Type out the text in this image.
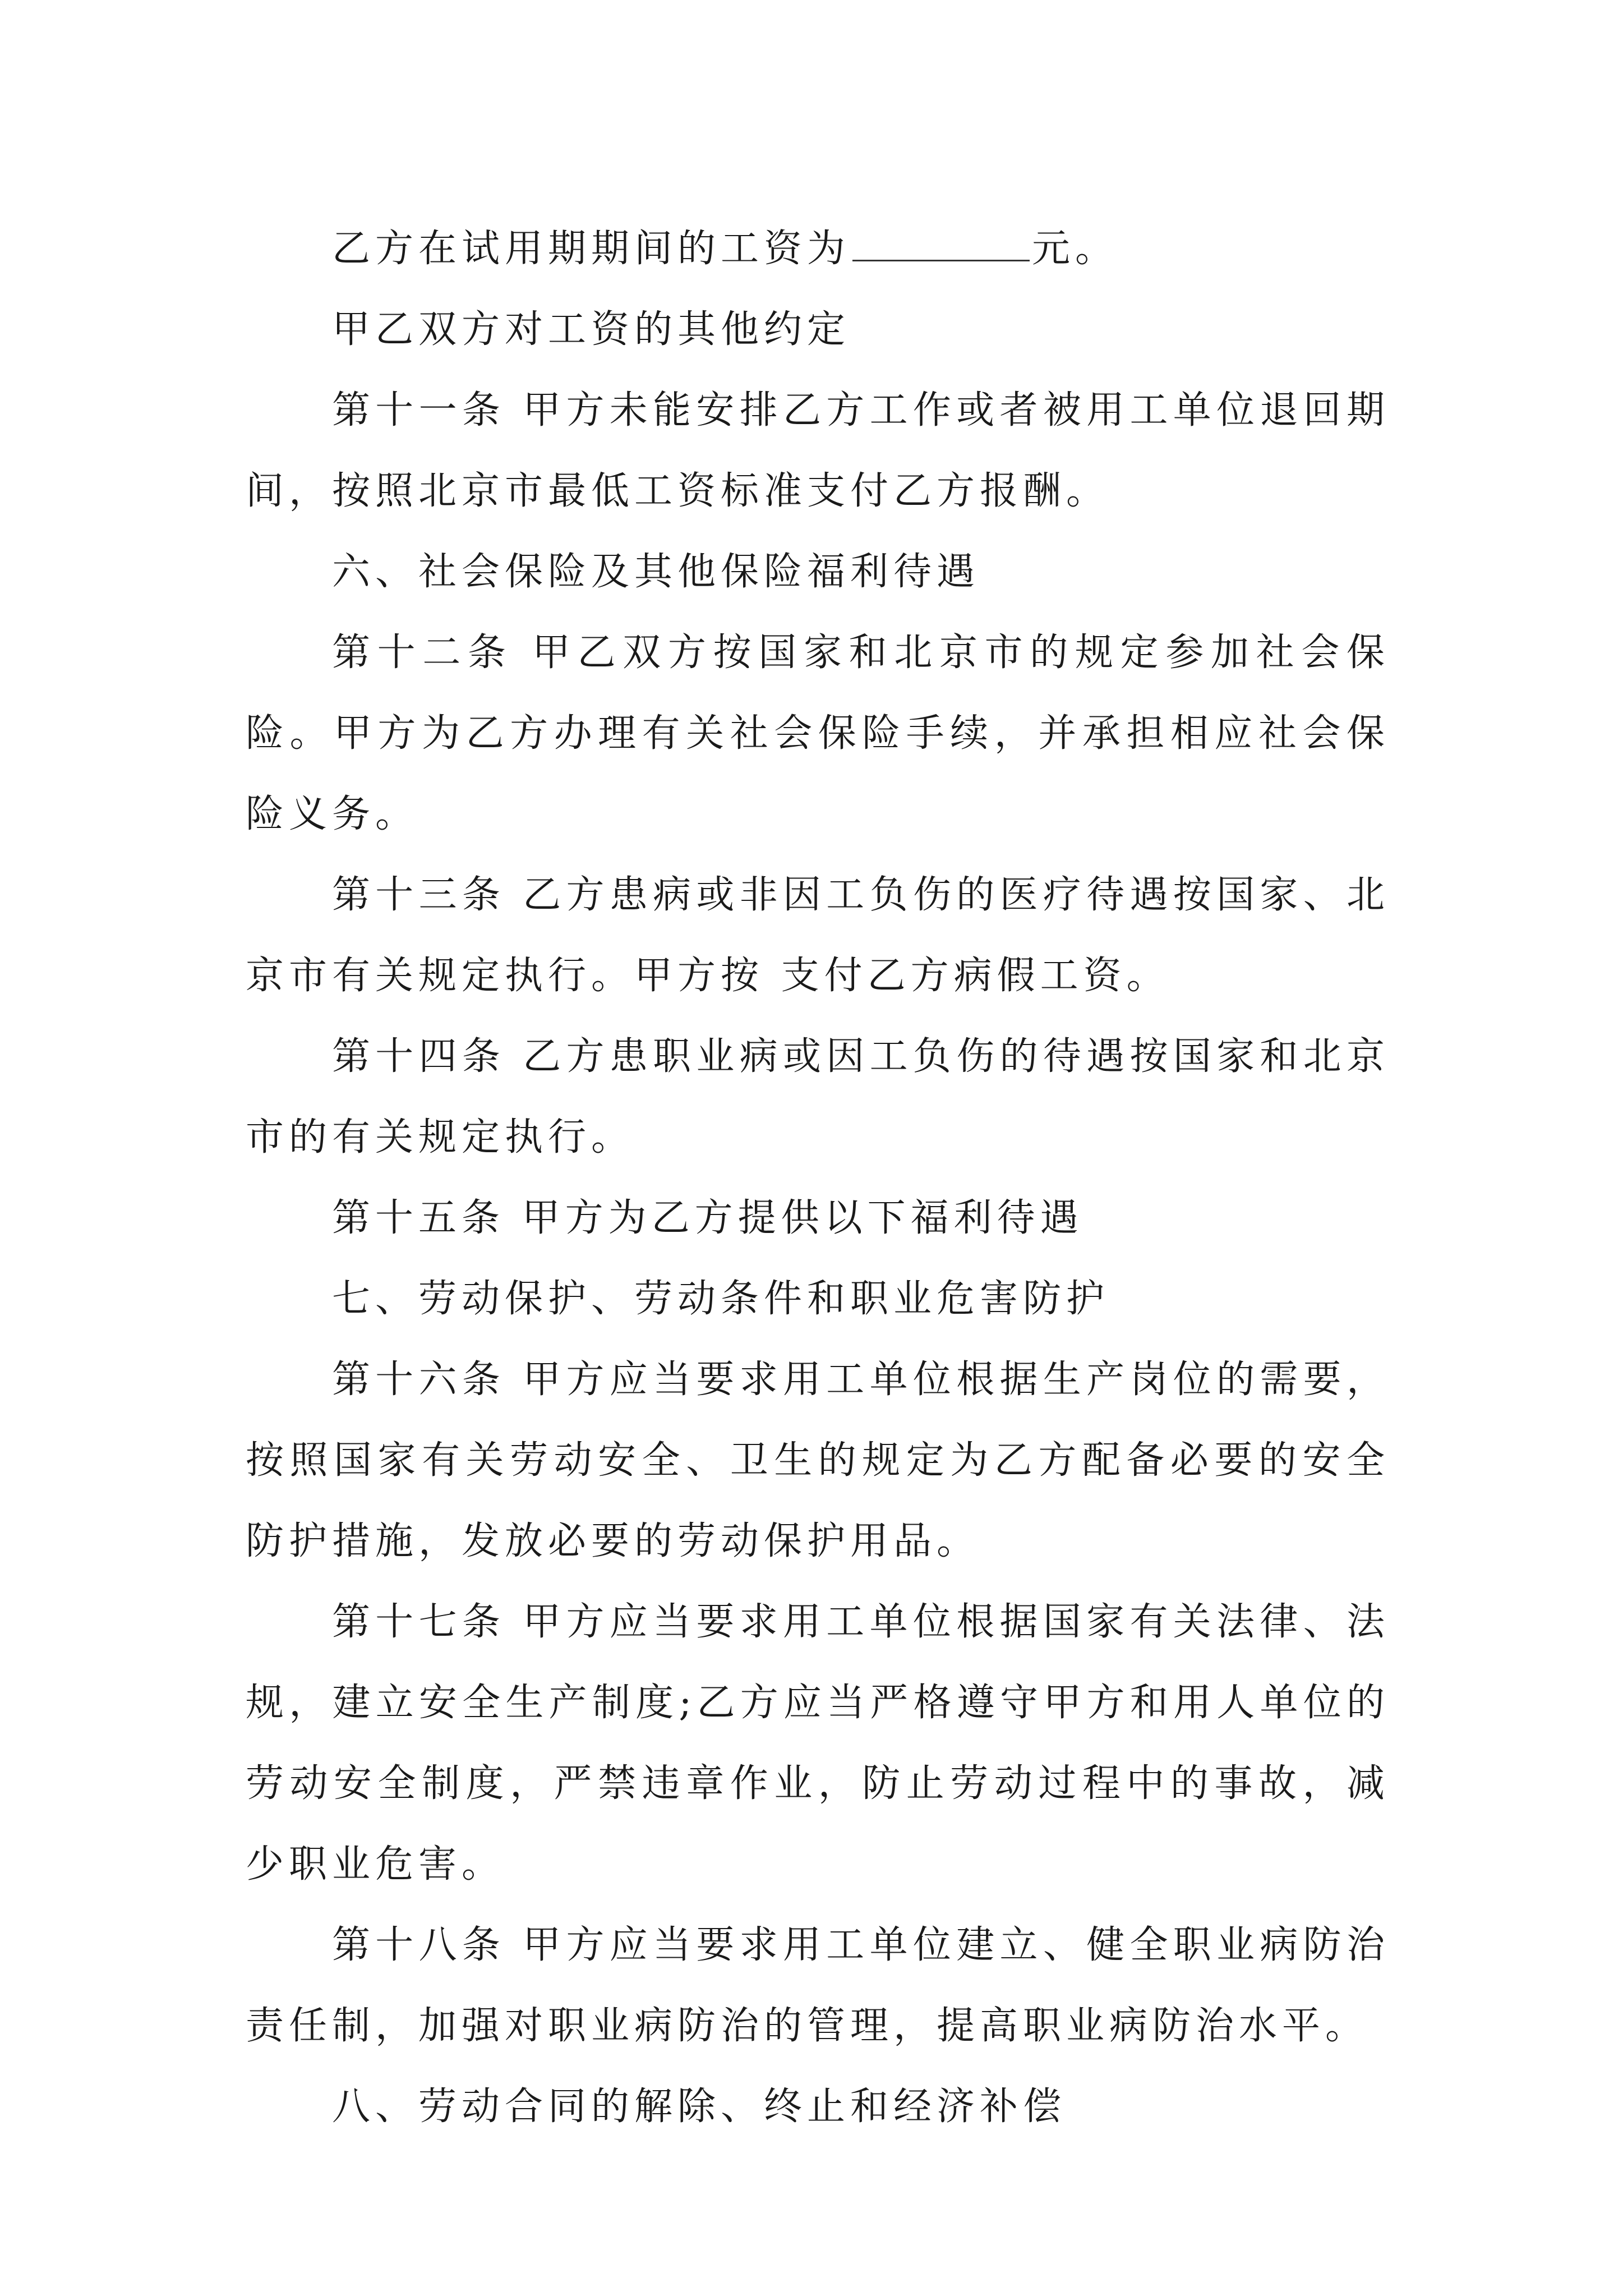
乙方在试用期期间的工资为	元。

甲乙双方对工资的其他约定

第十一条 甲方未能安排乙方工作或者被用工单位退回期间，按照北京市最低工资标准支付乙方报酬。

六、社会保险及其他保险福利待遇

第十二条 甲乙双方按国家和北京市的规定参加社会保险。甲方为乙方办理有关社会保险手续，并承担相应社会保险义务。

第十三条 乙方患病或非因工负伤的医疗待遇按国家、北京市有关规定执行。甲方按 支付乙方病假工资。

第十四条 乙方患职业病或因工负伤的待遇按国家和北京市的有关规定执行。

第十五条 甲方为乙方提供以下福利待遇

七、劳动保护、劳动条件和职业危害防护

第十六条 甲方应当要求用工单位根据生产岗位的需要，按照国家有关劳动安全、卫生的规定为乙方配备必要的安全防护措施，发放必要的劳动保护用品。

第十七条 甲方应当要求用工单位根据国家有关法律、法规，建立安全生产制度;乙方应当严格遵守甲方和用人单位的劳动安全制度，严禁违章作业，防止劳动过程中的事故，减少职业危害。

第十八条 甲方应当要求用工单位建立、健全职业病防治责任制，加强对职业病防治的管理，提高职业病防治水平。

八、劳动合同的解除、终止和经济补偿
